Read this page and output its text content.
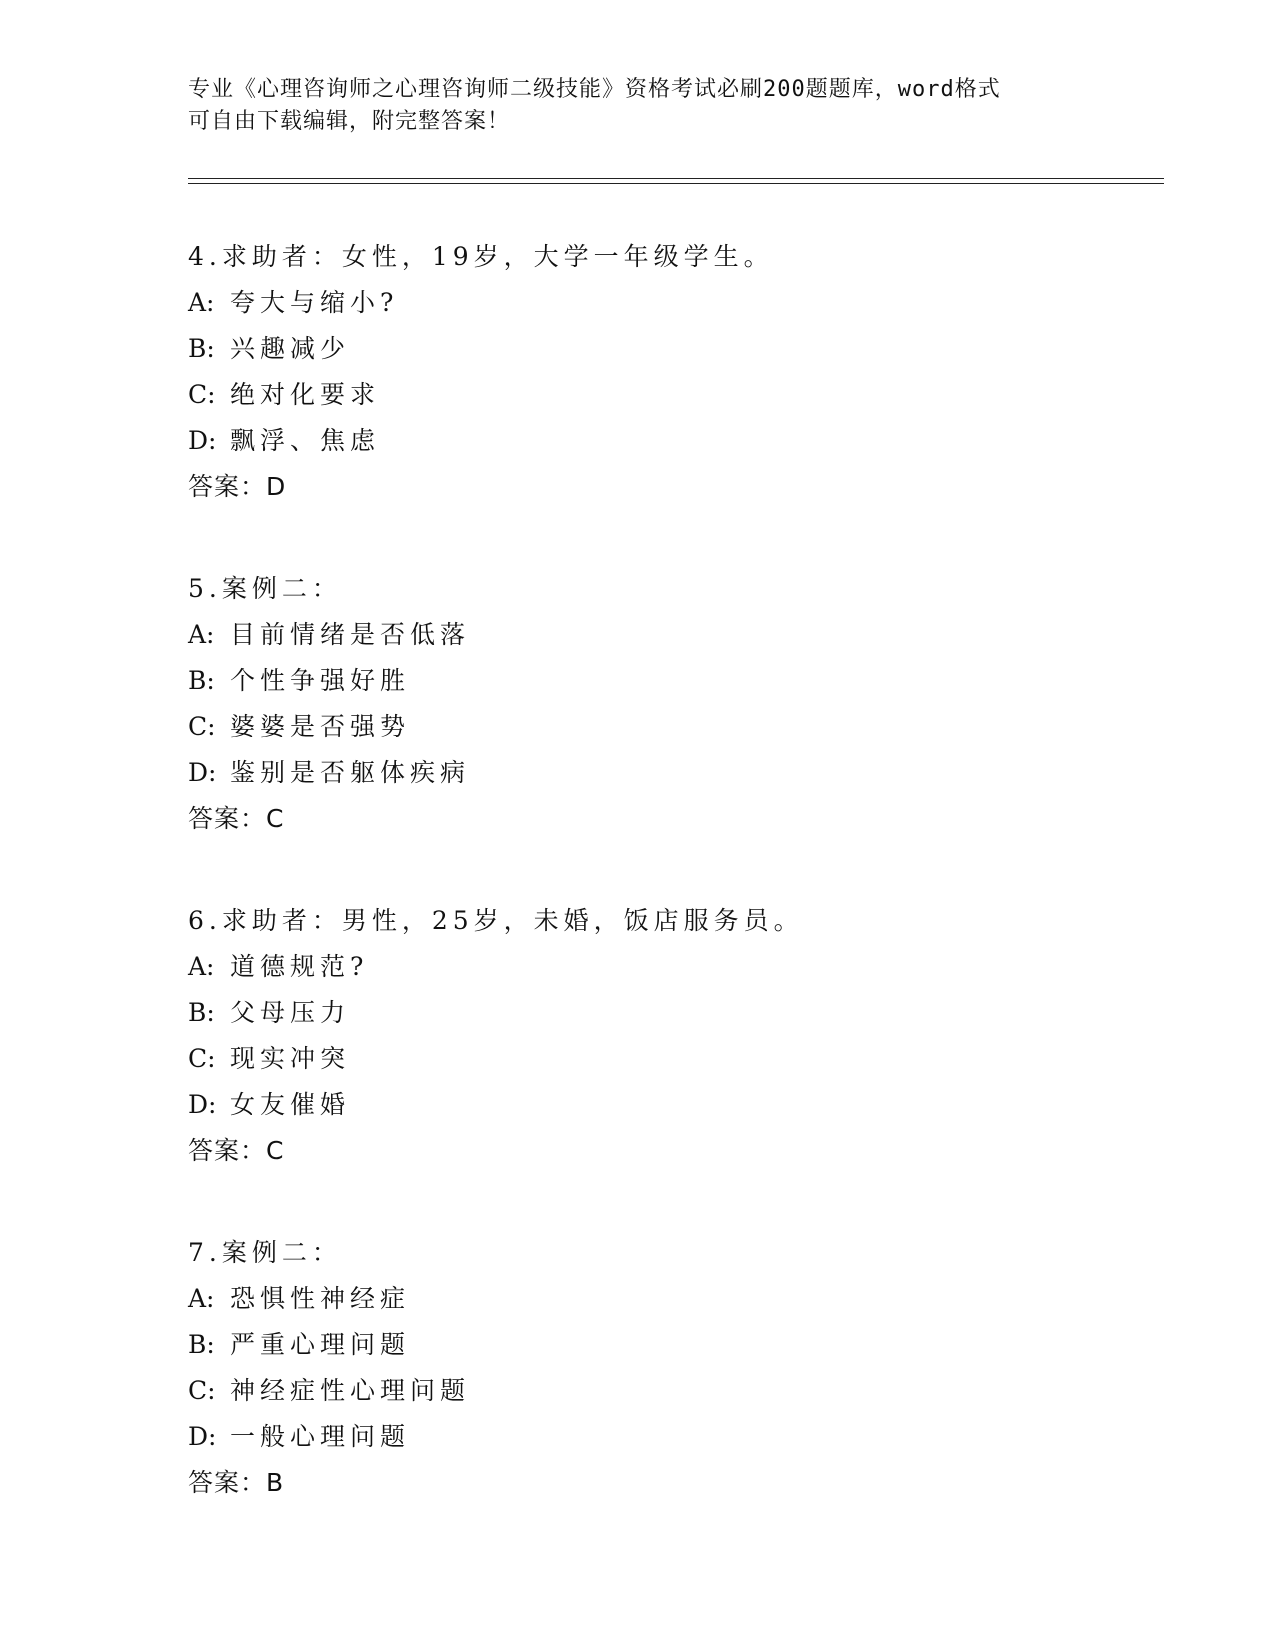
专业《心理咨询师之心理咨询师二级技能》资格考试必刷200题题库，word格式
可自由下载编辑，附完整答案！
4.求助者：女性，19岁，大学一年级学生。
A: 夸大与缩小?
B: 兴趣减少
C: 绝对化要求
D: 飘浮、焦虑
答案：D
5.案例二：
A: 目前情绪是否低落
B: 个性争强好胜
C: 婆婆是否强势
D: 鉴别是否躯体疾病
答案：C
6.求助者：男性，25岁，未婚，饭店服务员。
A: 道德规范?
B: 父母压力
C: 现实冲突
D: 女友催婚
答案：C
7.案例二：
A: 恐惧性神经症
B: 严重心理问题
C: 神经症性心理问题
D: 一般心理问题
答案：B
